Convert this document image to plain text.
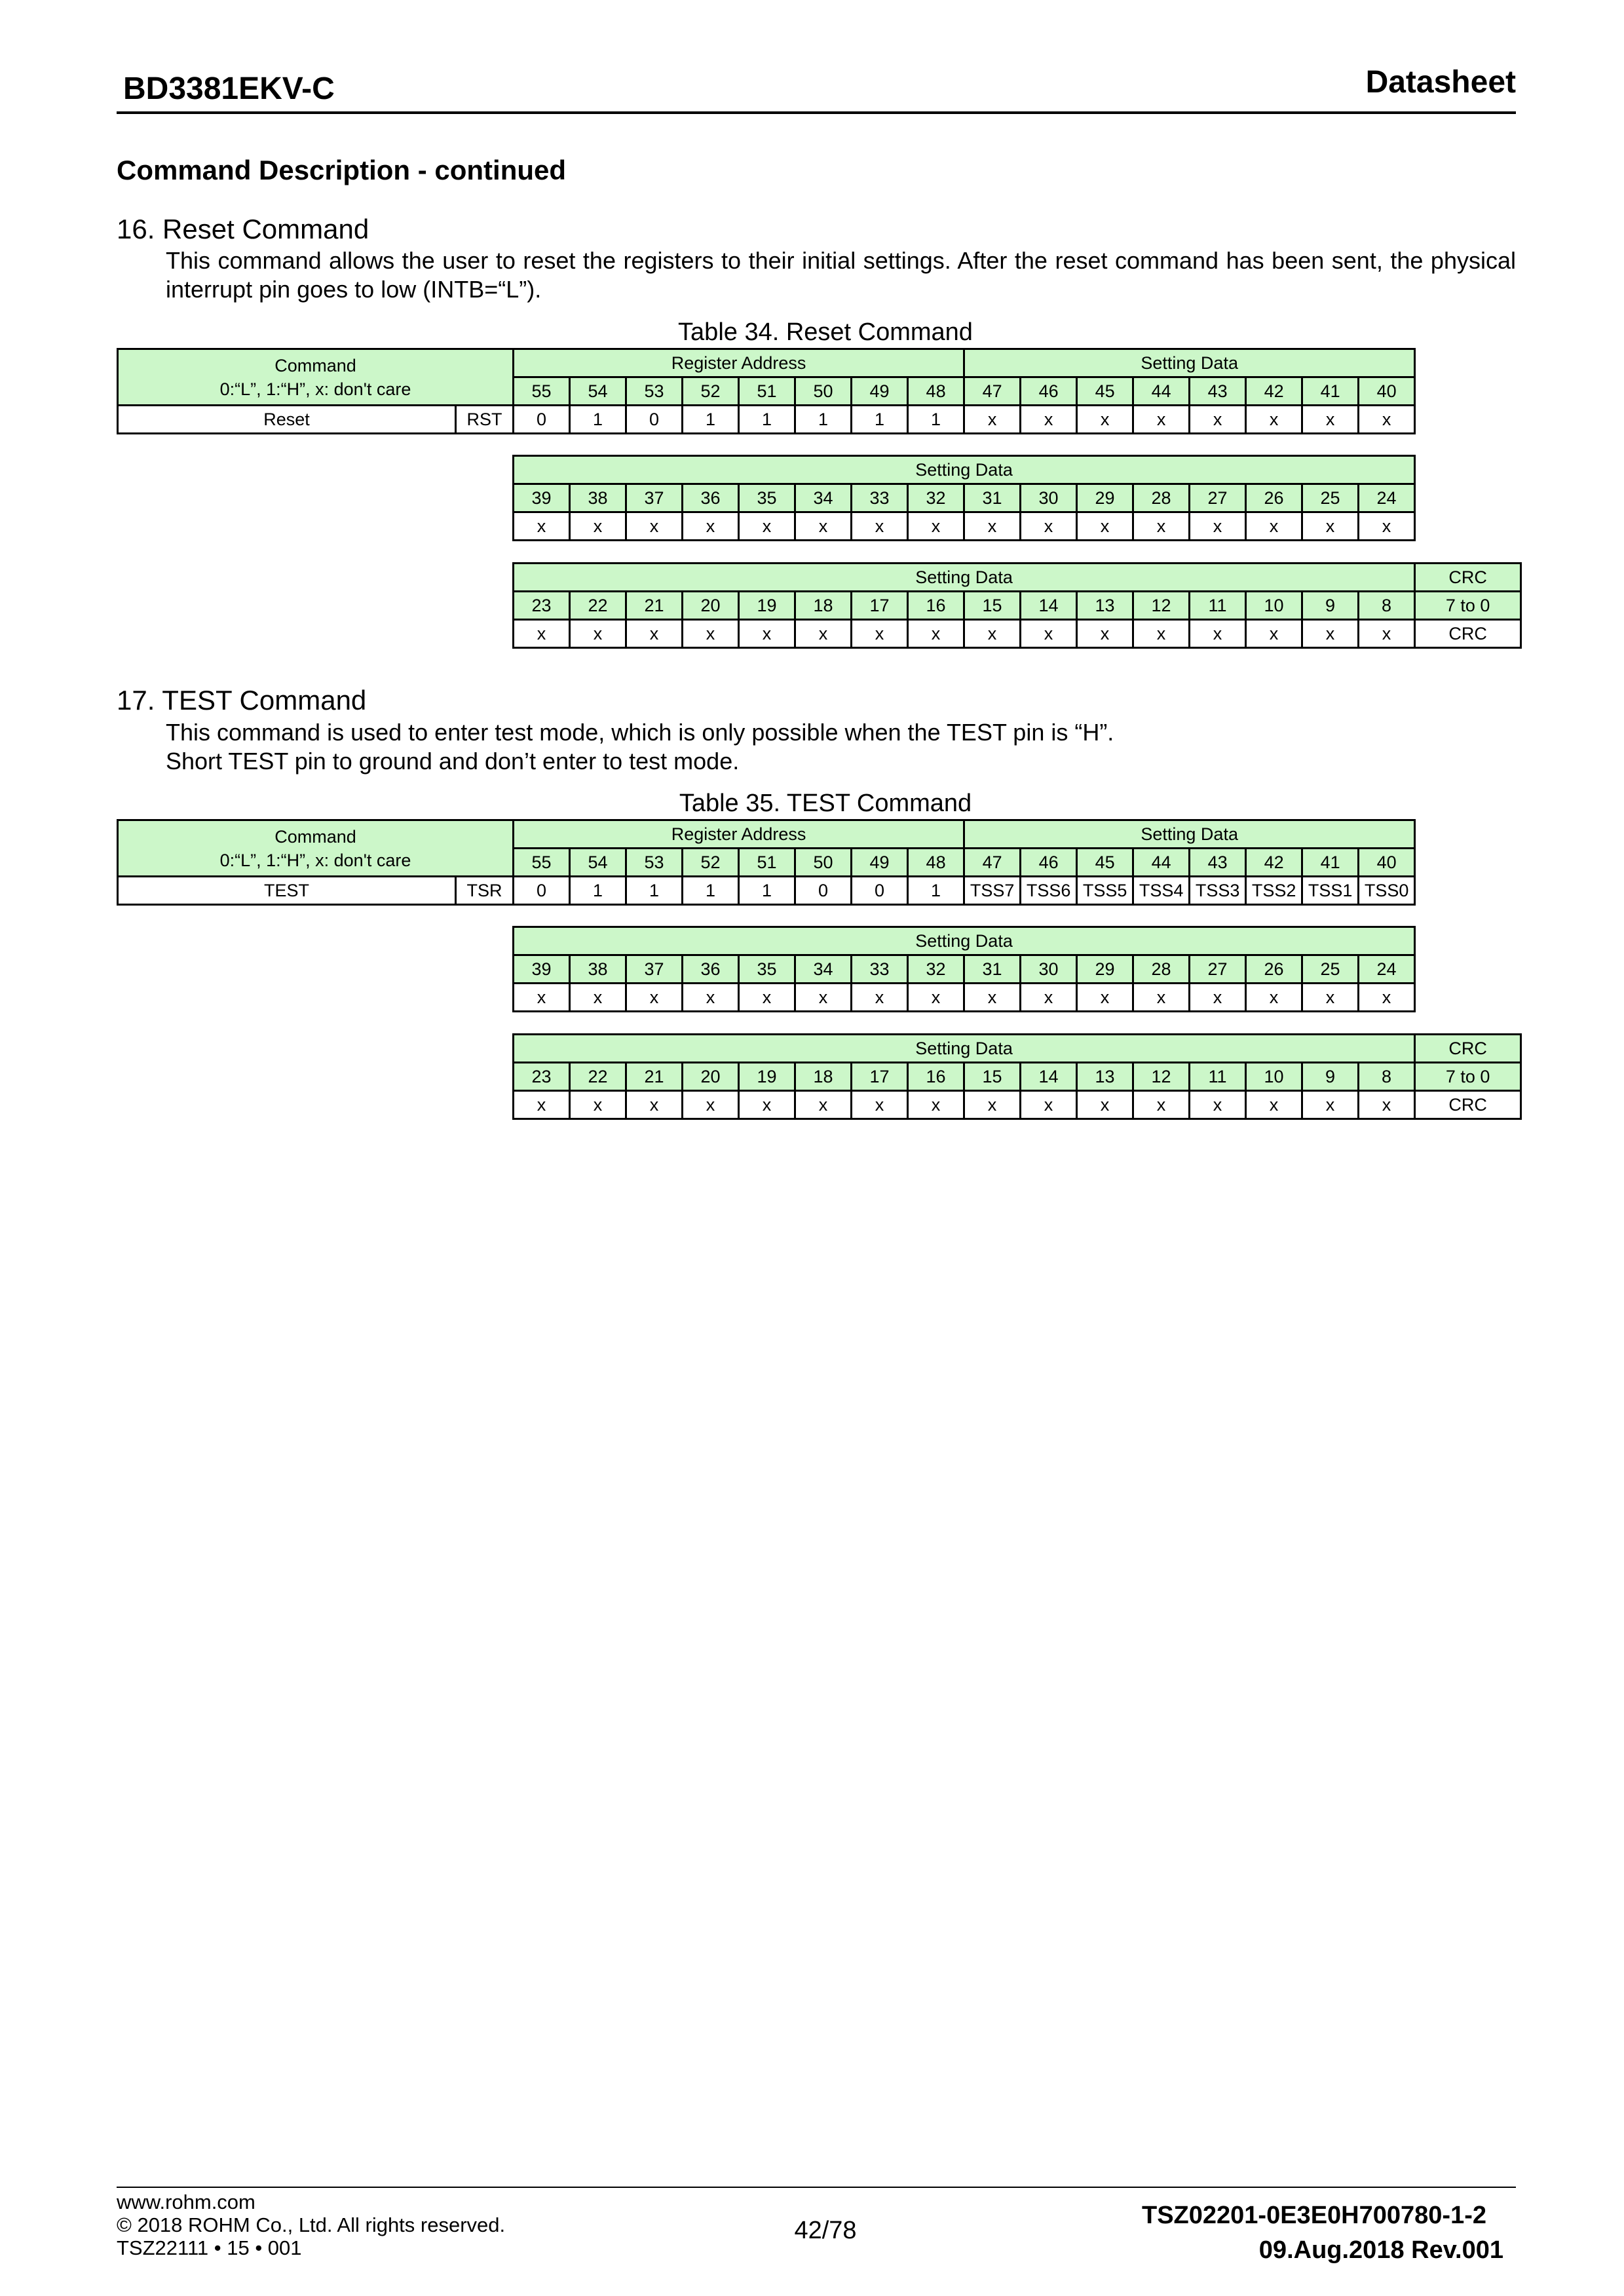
BD3381EKV-C	Datasheet
Command Description - continued
16. Reset Command
This command allows the user to reset the registers to their initial settings. After the reset command has been sent, the physical interrupt pin goes to low (INTB=“L”).
Table 34. Reset Command
Command
0:“L”, 1:“H”, x: don't care		Register Address								Setting Data							
		55	54	53	52	51	50	49	48	47	46	45	44	43	42	41	40
Reset	RST	0	1	0	1	1	1	1	1	x	x	x	x	x	x	x	x
Setting Data															
39	38	37	36	35	34	33	32	31	30	29	28	27	26	25	24
x	x	x	x	x	x	x	x	x	x	x	x	x	x	x	x
Setting Data																CRC
23	22	21	20	19	18	17	16	15	14	13	12	11	10	9	8	7 to 0
x	x	x	x	x	x	x	x	x	x	x	x	x	x	x	x	CRC
17. TEST Command
This command is used to enter test mode, which is only possible when the TEST pin is “H”.
Short TEST pin to ground and don’t enter to test mode.
Table 35. TEST Command
Command
0:“L”, 1:“H”, x: don't care		Register Address								Setting Data							
		55	54	53	52	51	50	49	48	47	46	45	44	43	42	41	40
TEST	TSR	0	1	1	1	1	0	0	1	TSS7	TSS6	TSS5	TSS4	TSS3	TSS2	TSS1	TSS0
Setting Data															
39	38	37	36	35	34	33	32	31	30	29	28	27	26	25	24
x	x	x	x	x	x	x	x	x	x	x	x	x	x	x	x
Setting Data																CRC
23	22	21	20	19	18	17	16	15	14	13	12	11	10	9	8	7 to 0
x	x	x	x	x	x	x	x	x	x	x	x	x	x	x	x	CRC
www.rohm.com
© 2018 ROHM Co., Ltd. All rights reserved.
TSZ22111 • 15 • 001
42/78
TSZ02201-0E3E0H700780-1-2
09.Aug.2018 Rev.001
